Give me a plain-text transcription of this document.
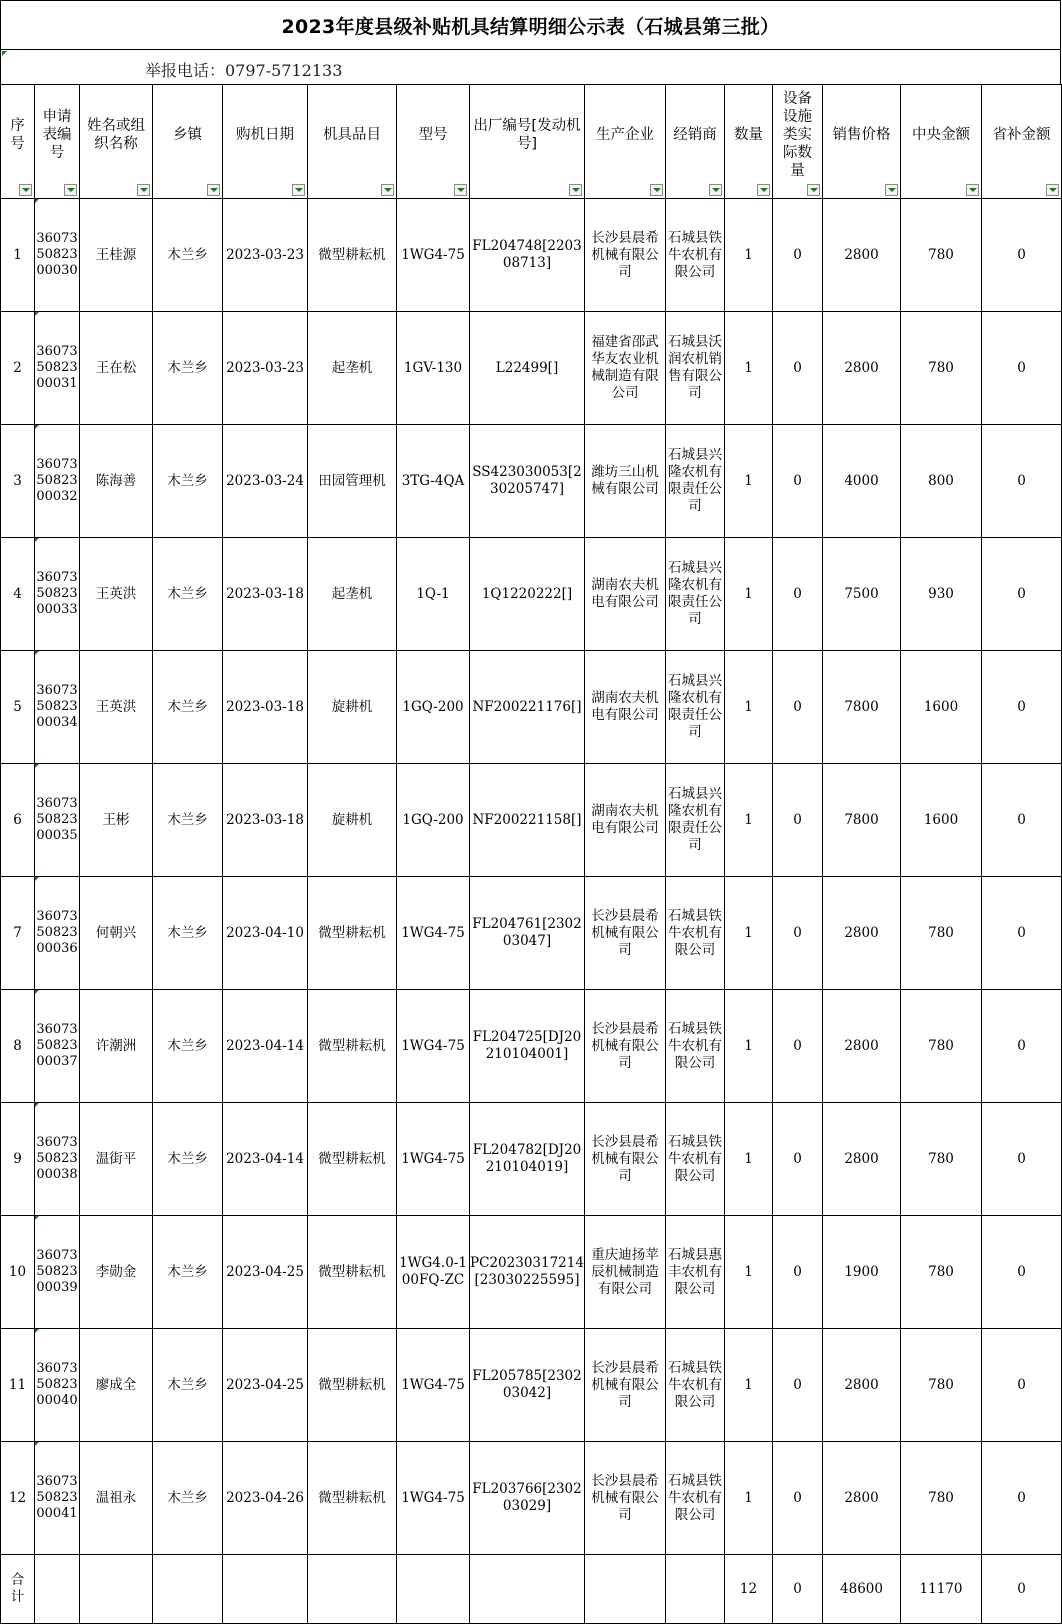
2023年度县级补贴机具结算明细公示表（石城县第三批）
举报电话：0797-5712133
序号	申请表编号	姓名或组织名称	乡镇	购机日期	机具品目	型号	出厂编号[发动机号]	生产企业	经销商	数量	设备设施类实际数量	销售价格	中央金额	省补金额

1	360735082300030	王桂源	木兰乡	2023-03-23	微型耕耘机	1WG4-75	FL204748[220308713]	长沙县晨希机械有限公司	石城县铁牛农机有限公司	1	0	2800	780	0
2	360735082300031	王在松	木兰乡	2023-03-23	起垄机	1GV-130	L22499[]	福建省邵武华友农业机械制造有限公司	石城县沃润农机销售有限公司	1	0	2800	780	0
3	360735082300032	陈海善	木兰乡	2023-03-24	田园管理机	3TG-4QA	SS423030053[230205747]	潍坊三山机械有限公司	石城县兴隆农机有限责任公司	1	0	4000	800	0
4	360735082300033	王英洪	木兰乡	2023-03-18	起垄机	1Q-1	1Q1220222[]	湖南农夫机电有限公司	石城县兴隆农机有限责任公司	1	0	7500	930	0
5	360735082300034	王英洪	木兰乡	2023-03-18	旋耕机	1GQ-200	NF200221176[]	湖南农夫机电有限公司	石城县兴隆农机有限责任公司	1	0	7800	1600	0
6	360735082300035	王彬	木兰乡	2023-03-18	旋耕机	1GQ-200	NF200221158[]	湖南农夫机电有限公司	石城县兴隆农机有限责任公司	1	0	7800	1600	0
7	360735082300036	何朝兴	木兰乡	2023-04-10	微型耕耘机	1WG4-75	FL204761[230203047]	长沙县晨希机械有限公司	石城县铁牛农机有限公司	1	0	2800	780	0
8	360735082300037	许潮洲	木兰乡	2023-04-14	微型耕耘机	1WG4-75	FL204725[DJ20210104001]	长沙县晨希机械有限公司	石城县铁牛农机有限公司	1	0	2800	780	0
9	360735082300038	温街平	木兰乡	2023-04-14	微型耕耘机	1WG4-75	FL204782[DJ20210104019]	长沙县晨希机械有限公司	石城县铁牛农机有限公司	1	0	2800	780	0
10	360735082300039	李勋金	木兰乡	2023-04-25	微型耕耘机	1WG4.0-100FQ-ZC	PC20230317214[23030225595]	重庆迪扬苹辰机械制造有限公司	石城县惠丰农机有限公司	1	0	1900	780	0
11	360735082300040	廖成全	木兰乡	2023-04-25	微型耕耘机	1WG4-75	FL205785[230203042]	长沙县晨希机械有限公司	石城县铁牛农机有限公司	1	0	2800	780	0
12	360735082300041	温祖永	木兰乡	2023-04-26	微型耕耘机	1WG4-75	FL203766[230203029]	长沙县晨希机械有限公司	石城县铁牛农机有限公司	1	0	2800	780	0
合计										12	0	48600	11170	0
